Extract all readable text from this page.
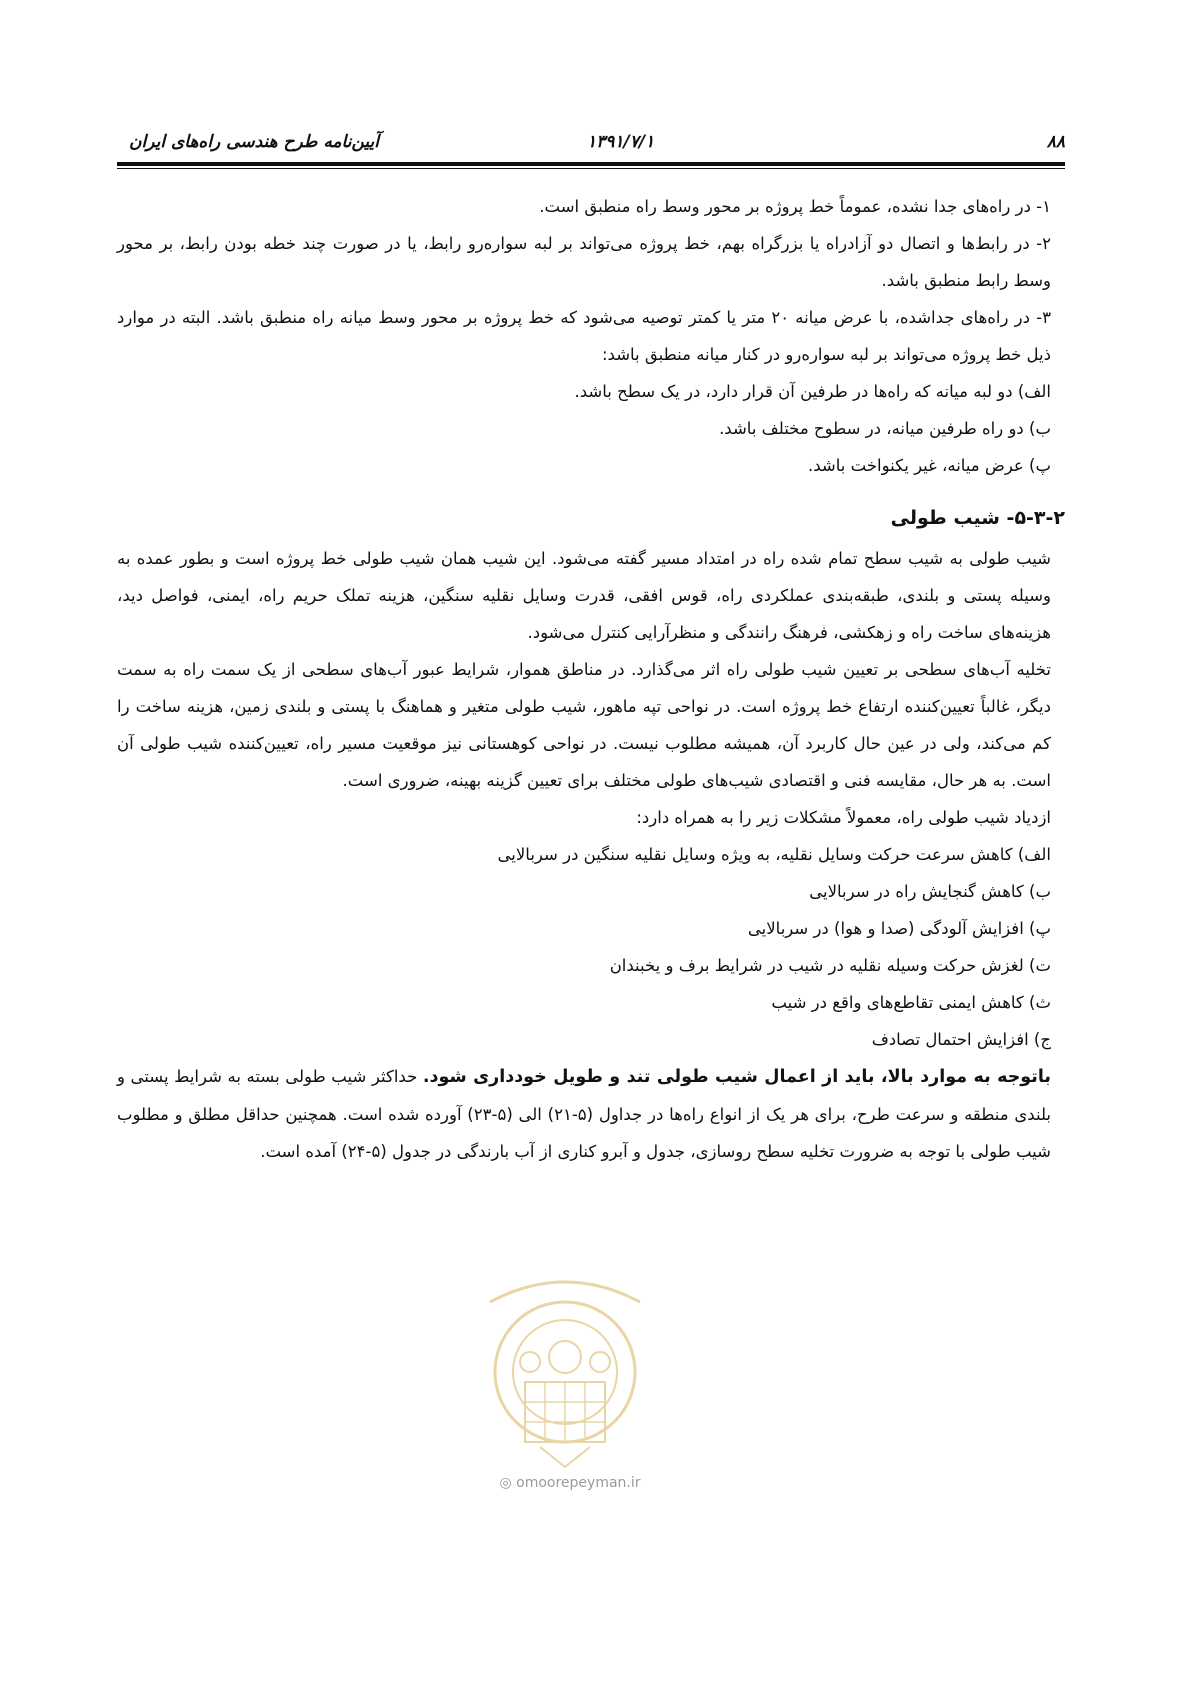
آیین‌نامه طرح هندسی راه‌های ایران	۱۳۹۱/۷/۱	۸۸

۱- در راه‌های جدا نشده، عموماً خط پروژه بر محور وسط راه منطبق است.

۲- در رابط‌ها و اتصال دو آزادراه یا بزرگراه بهم، خط پروژه می‌تواند بر لبه سواره‌رو رابط، یا در صورت چند خطه بودن رابط، بر محور وسط رابط منطبق باشد.

۳- در راه‌های جداشده، با عرض میانه ۲۰ متر یا کمتر توصیه می‌شود که خط پروژه بر محور وسط میانه راه منطبق باشد. البته در موارد ذیل خط پروژه می‌تواند بر لبه سواره‌رو در کنار میانه منطبق باشد:

الف) دو لبه میانه که راه‌ها در طرفین آن قرار دارد، در یک سطح باشد.

ب) دو راه طرفین میانه، در سطوح مختلف باشد.

پ) عرض میانه، غیر یکنواخت باشد.

۵-۳-۲- شیب طولی

شیب طولی به شیب سطح تمام شده راه در امتداد مسیر گفته می‌شود. این شیب همان شیب طولی خط پروژه است و بطور عمده به وسیله پستی و بلندی، طبقه‌بندی عملکردی راه، قوس افقی، قدرت وسایل نقلیه سنگین، هزینه تملک حریم راه، ایمنی، فواصل دید، هزینه‌های ساخت راه و زهکشی، فرهنگ رانندگی و منظرآرایی کنترل می‌شود.

تخلیه آب‌های سطحی بر تعیین شیب طولی راه اثر می‌گذارد. در مناطق هموار، شرایط عبور آب‌های سطحی از یک سمت راه به سمت دیگر، غالباً تعیین‌کننده ارتفاع خط پروژه است. در نواحی تپه ماهور، شیب طولی متغیر و هماهنگ با پستی و بلندی زمین، هزینه ساخت را کم می‌کند، ولی در عین حال کاربرد آن، همیشه مطلوب نیست. در نواحی کوهستانی نیز موقعیت مسیر راه، تعیین‌کننده شیب طولی آن است. به هر حال، مقایسه فنی و اقتصادی شیب‌های طولی مختلف برای تعیین گزینه بهینه، ضروری است.

ازدیاد شیب طولی راه، معمولاً مشکلات زیر را به همراه دارد:

الف) کاهش سرعت حرکت وسایل نقلیه، به ویژه وسایل نقلیه سنگین در سربالایی

ب) کاهش گنجایش راه در سربالایی

پ) افزایش آلودگی (صدا و هوا) در سربالایی

ت) لغزش حرکت وسیله نقلیه در شیب در شرایط برف و یخبندان

ث) کاهش ایمنی تقاطع‌های واقع در شیب

ج) افزایش احتمال تصادف

باتوجه به موارد بالا، باید از اعمال شیب طولی تند و طویل خودداری شود. حداکثر شیب طولی بسته به شرایط پستی و بلندی منطقه و سرعت طرح، برای هر یک از انواع راه‌ها در جداول (۵-۲۱) الی (۵-۲۳) آورده شده است. همچنین حداقل مطلق و مطلوب شیب طولی با توجه به ضرورت تخلیه سطح روسازی، جدول و آبرو کناری از آب بارندگی در جدول (۵-۲۴) آمده است.

◎ omoorepeyman.ir
